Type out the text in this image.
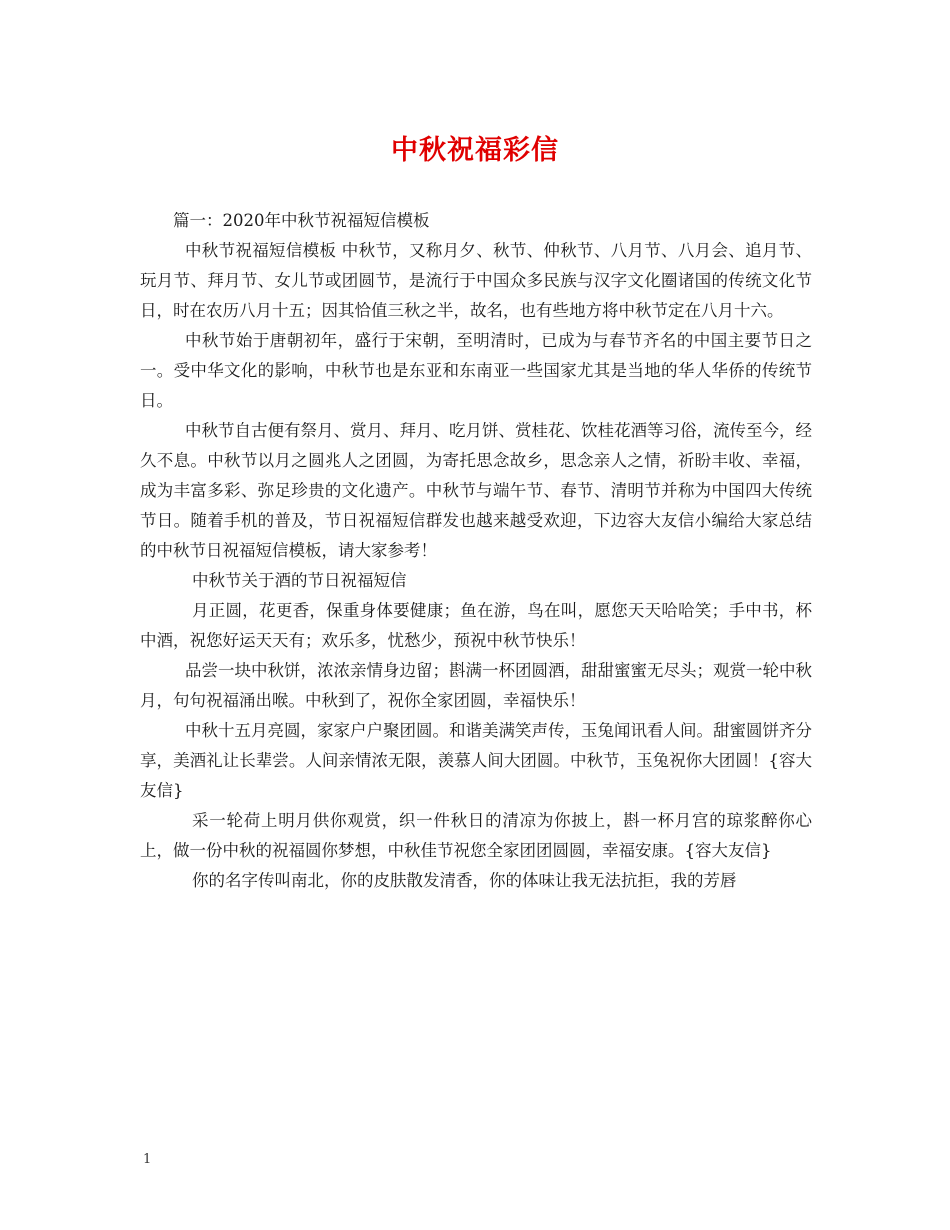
中秋祝福彩信

篇一：2020年中秋节祝福短信模板

中秋节祝福短信模板 中秋节，又称月夕、秋节、仲秋节、八月节、八月会、追月节、玩月节、拜月节、女儿节或团圆节，是流行于中国众多民族与汉字文化圈诸国的传统文化节日，时在农历八月十五；因其恰值三秋之半，故名，也有些地方将中秋节定在八月十六。

中秋节始于唐朝初年，盛行于宋朝，至明清时，已成为与春节齐名的中国主要节日之一。受中华文化的影响，中秋节也是东亚和东南亚一些国家尤其是当地的华人华侨的传统节日。

中秋节自古便有祭月、赏月、拜月、吃月饼、赏桂花、饮桂花酒等习俗，流传至今，经久不息。中秋节以月之圆兆人之团圆，为寄托思念故乡，思念亲人之情，祈盼丰收、幸福，成为丰富多彩、弥足珍贵的文化遗产。中秋节与端午节、春节、清明节并称为中国四大传统节日。随着手机的普及，节日祝福短信群发也越来越受欢迎，下边容大友信小编给大家总结的中秋节日祝福短信模板，请大家参考！

中秋节关于酒的节日祝福短信

月正圆，花更香，保重身体要健康；鱼在游，鸟在叫，愿您天天哈哈笑；手中书，杯中酒，祝您好运天天有；欢乐多，忧愁少，预祝中秋节快乐！

品尝一块中秋饼，浓浓亲情身边留；斟满一杯团圆酒，甜甜蜜蜜无尽头；观赏一轮中秋月，句句祝福涌出喉。中秋到了，祝你全家团圆，幸福快乐！

中秋十五月亮圆，家家户户聚团圆。和谐美满笑声传，玉兔闻讯看人间。甜蜜圆饼齐分享，美酒礼让长辈尝。人间亲情浓无限，羡慕人间大团圆。中秋节，玉兔祝你大团圆！{容大友信}

采一轮荷上明月供你观赏，织一件秋日的清凉为你披上，斟一杯月宫的琼浆醉你心上，做一份中秋的祝福圆你梦想，中秋佳节祝您全家团团圆圆，幸福安康。{容大友信}

你的名字传叫南北，你的皮肤散发清香，你的体味让我无法抗拒，我的芳唇

1
